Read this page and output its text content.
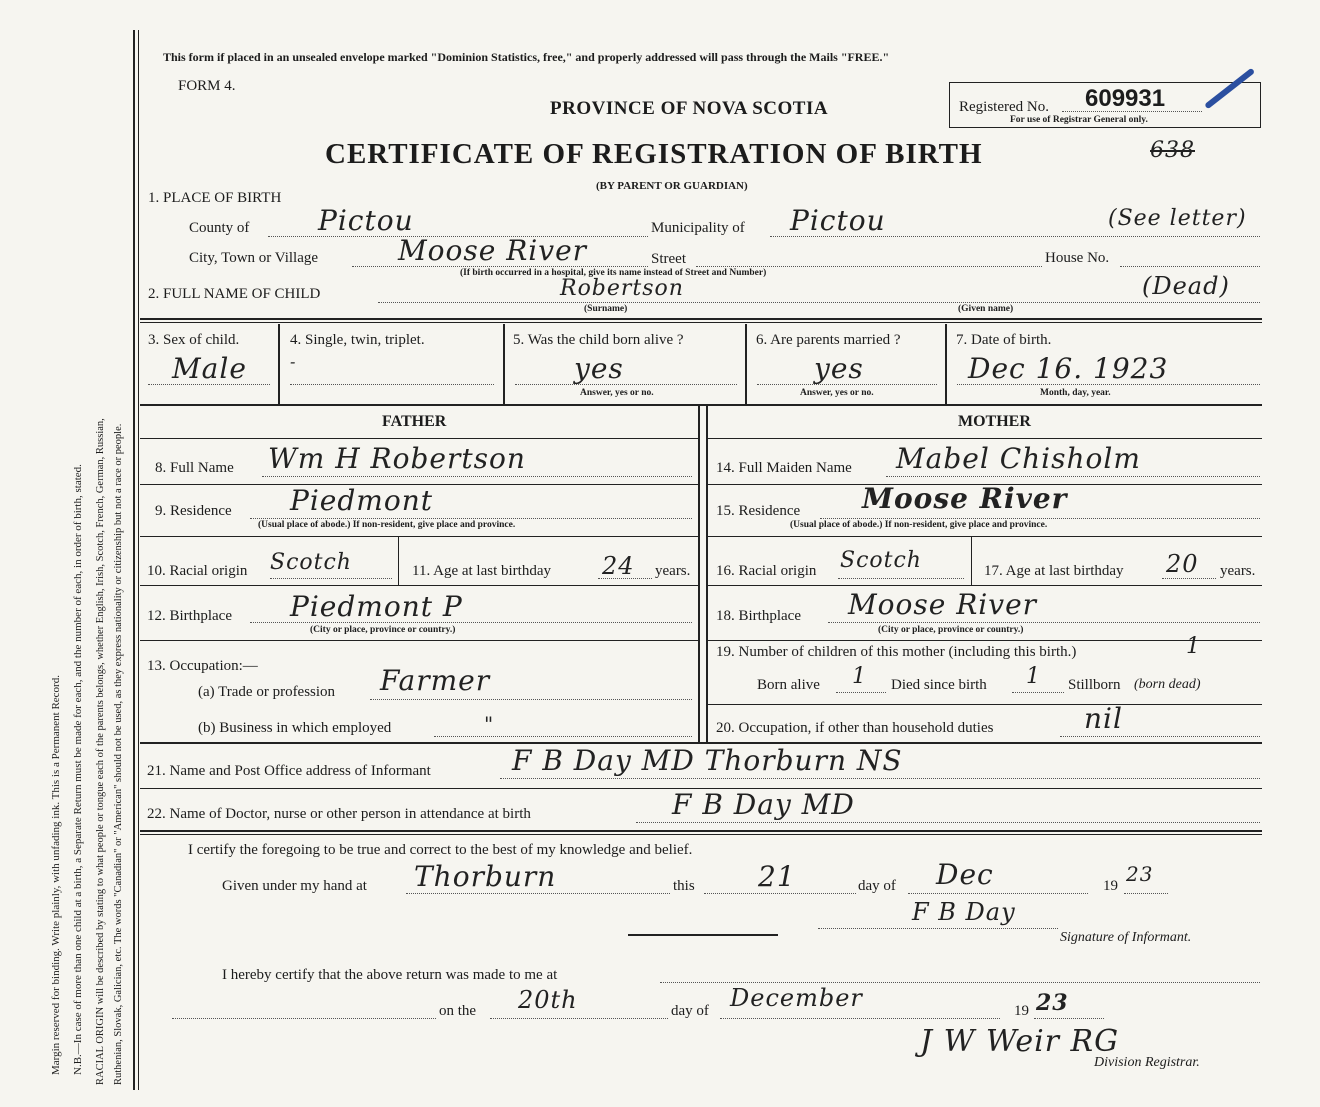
Margin reserved for binding. Write plainly, with unfading ink. This is a Permanent Record. N.B.—In case of more than one child at a birth, a Separate Return must be made for each, and the number of each, in order of birth, stated. RACIAL ORIGIN will be described by stating to what people or tongue each of the parents belongs, whether English, Irish, Scotch, French, German, Russian, Ruthenian, Slovak, Galician, etc. The words "Canadian" or "American" should not be used, as they express nationality or citizenship but not a race or people.
This form if placed in an unsealed envelope marked "Dominion Statistics, free," and properly addressed will pass through the Mails "FREE."
FORM 4.
PROVINCE OF NOVA SCOTIA	Registered No. 609931
For use of Registrar General only.
CERTIFICATE OF REGISTRATION OF BIRTH	638
(BY PARENT OR GUARDIAN)
1. PLACE OF BIRTH
County of Pictou	Municipality of Pictou	(See letter)
City, Town or Village	Moose River	Street	House No.
(If birth occurred in a hospital, give its name instead of Street and Number)
2. FULL NAME OF CHILD	Robertson	(Dead)
(Surname)	(Given name)
3. Sex of child.
Male
4. Single, twin, triplet.
-
5. Was the child born alive ?
yes
Answer, yes or no.
6. Are parents married ?
yes
Answer, yes or no.
7. Date of birth.
Dec 16. 1923
Month, day, year.
FATHER	MOTHER
8. Full Name Wm H Robertson
9. Residence Piedmont
(Usual place of abode.) If non-resident, give place and province.
10. Racial origin Scotch	11. Age at last birthday 24 years.
12. Birthplace Piedmont P
(City or place, province or country.)
13. Occupation:—
(a) Trade or profession Farmer
(b) Business in which employed	"
14. Full Maiden Name Mabel Chisholm
15. Residence Moose River
(Usual place of abode.) If non-resident, give place and province.
16. Racial origin Scotch	17. Age at last birthday 20 years.
18. Birthplace Moose River
(City or place, province or country.)
19. Number of children of this mother (including this birth.)	1
Born alive 1 Died since birth 1 Stillborn (born dead)
20. Occupation, if other than household duties	nil
21. Name and Post Office address of Informant	F B Day MD Thorburn NS
22. Name of Doctor, nurse or other person in attendance at birth	F B Day MD
I certify the foregoing to be true and correct to the best of my knowledge and belief.
Given under my hand at Thorburn	this 21	day of Dec	19 23
F B Day
Signature of Informant.
I hereby certify that the above return was made to me at
on the 20th	day of December	19 23
J W Weir RG
Division Registrar.
